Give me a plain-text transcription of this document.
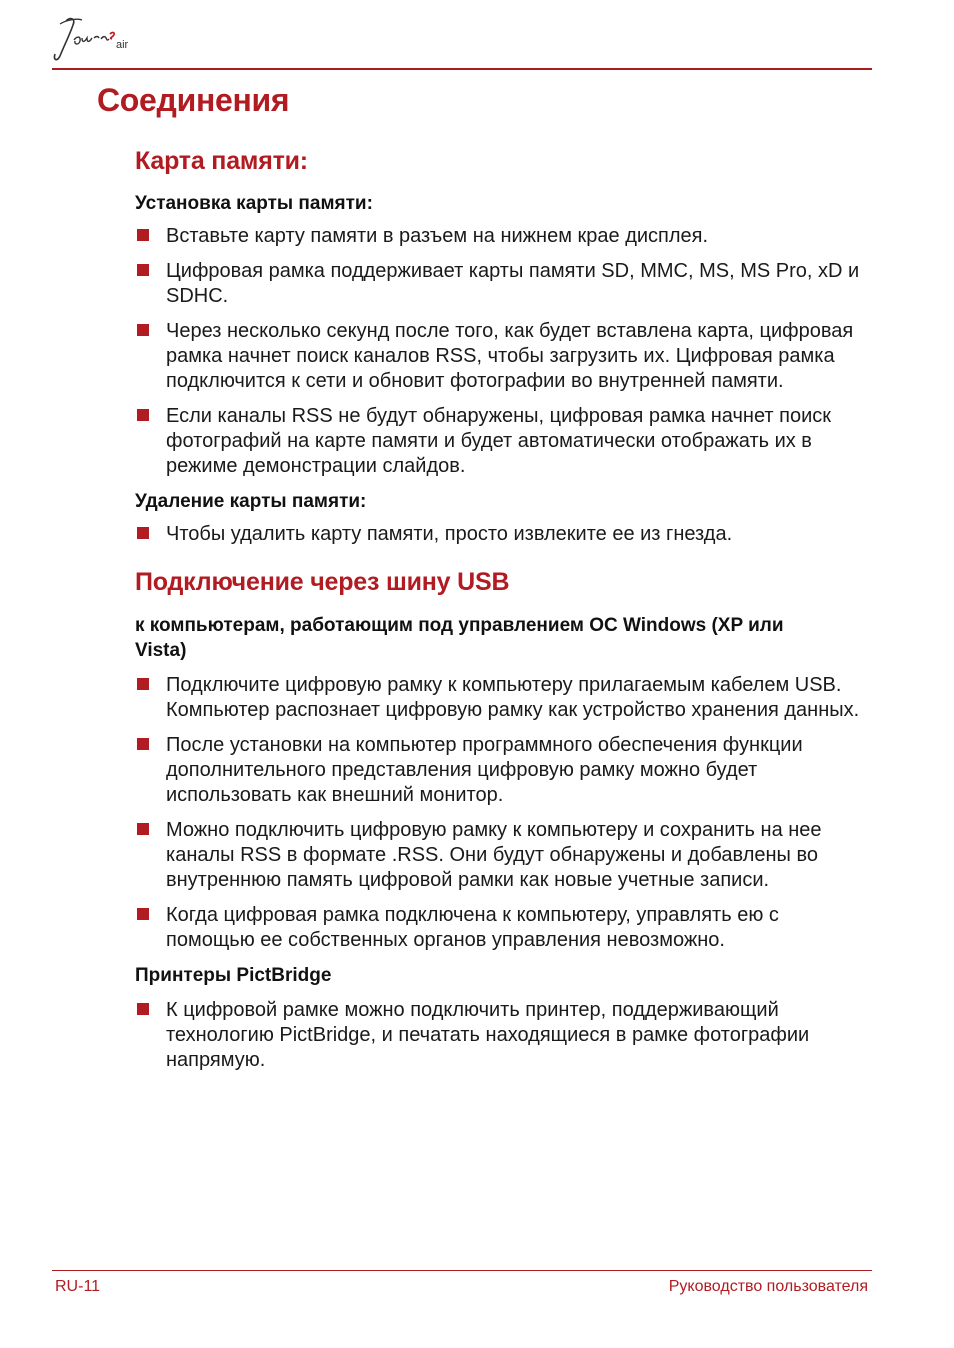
air
Соединения
Карта памяти:
Установка карты памяти:
Вставьте карту памяти в разъем на нижнем крае дисплея.
Цифровая рамка поддерживает карты памяти SD, MMC, MS, MS Pro, xD и SDHC.
Через несколько секунд после того, как будет вставлена карта, цифровая рамка начнет поиск каналов RSS, чтобы загрузить их. Цифровая рамка подключится к сети и обновит фотографии во внутренней памяти.
Если каналы RSS не будут обнаружены, цифровая рамка начнет поиск фотографий на карте памяти и будет автоматически отображать их в режиме демонстрации слайдов.
Удаление карты памяти:
Чтобы удалить карту памяти, просто извлеките ее из гнезда.
Подключение через шину USB
к компьютерам, работающим под управлением ОС Windows (XP или Vista)
Подключите цифровую рамку к компьютеру прилагаемым кабелем USB. Компьютер распознает цифровую рамку как устройство хранения данных.
После установки на компьютер программного обеспечения функции дополнительного представления цифровую рамку можно будет использовать как внешний монитор.
Можно подключить цифровую рамку к компьютеру и сохранить на нее каналы RSS в формате .RSS. Они будут обнаружены и добавлены во внутреннюю память цифровой рамки как новые учетные записи.
Когда цифровая рамка подключена к компьютеру, управлять ею с помощью ее собственных органов управления невозможно.
Принтеры PictBridge
К цифровой рамке можно подключить принтер, поддерживающий технологию PictBridge, и печатать находящиеся в рамке фотографии напрямую.
RU-11	Руководство пользователя
